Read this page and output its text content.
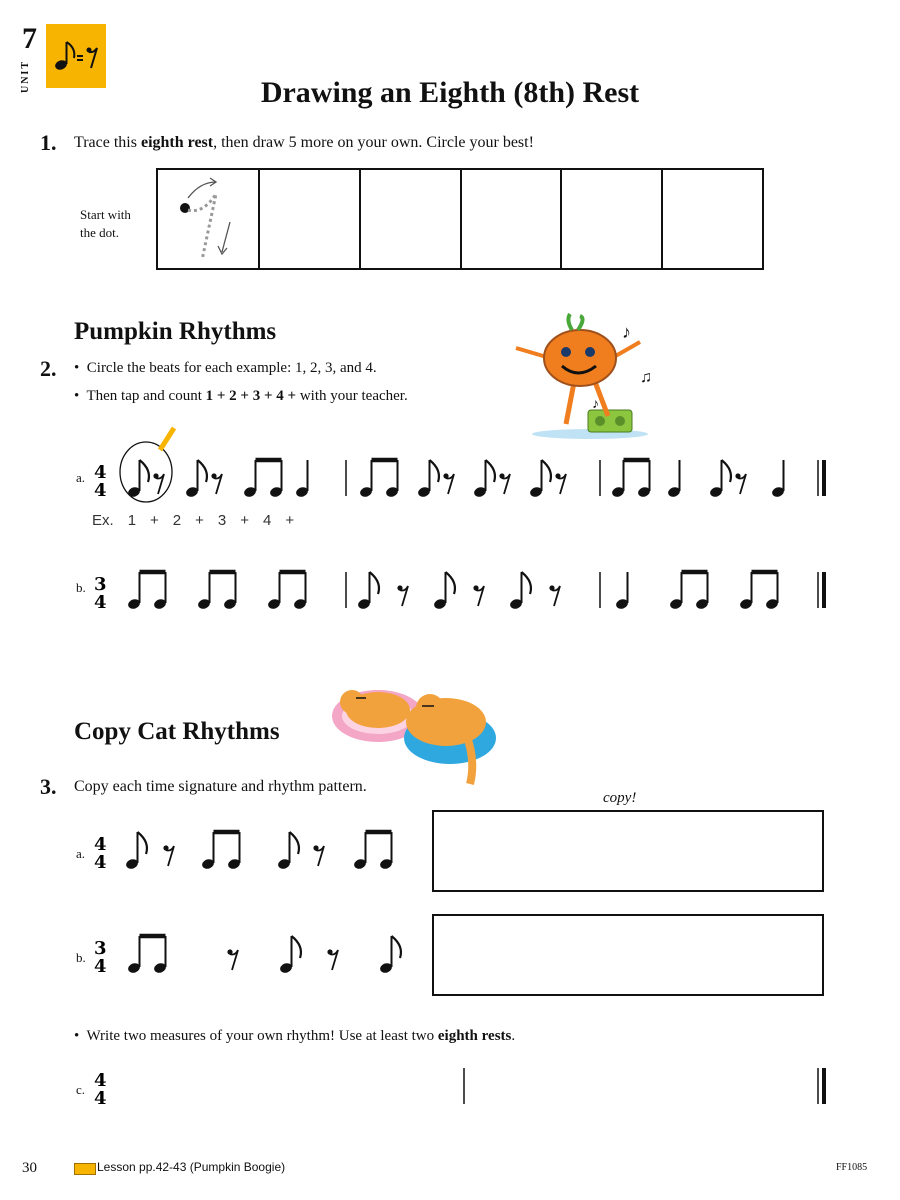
7
UNIT	Drawing an Eighth (8th) Rest
1. Trace this eighth rest, then draw 5 more on your own. Circle your best!
Start with
the dot.
Pumpkin Rhythms
2. •  Circle the beats for each example: 1, 2, 3, and 4.
•  Then tap and count 1 + 2 + 3 + 4 + with your teacher.
♪
♫
♪
a.
b.
Ex. 1 + 2 + 3 + 4 +
Copy Cat Rhythms
3. Copy each time signature and rhythm pattern.
copy!
a.
b.
•  Write two measures of your own rhythm! Use at least two eighth rests.
c.
30	Lesson pp.42-43 (Pumpkin Boogie)	FF1085
4
4
3
4
4
4
3
4
4
4
